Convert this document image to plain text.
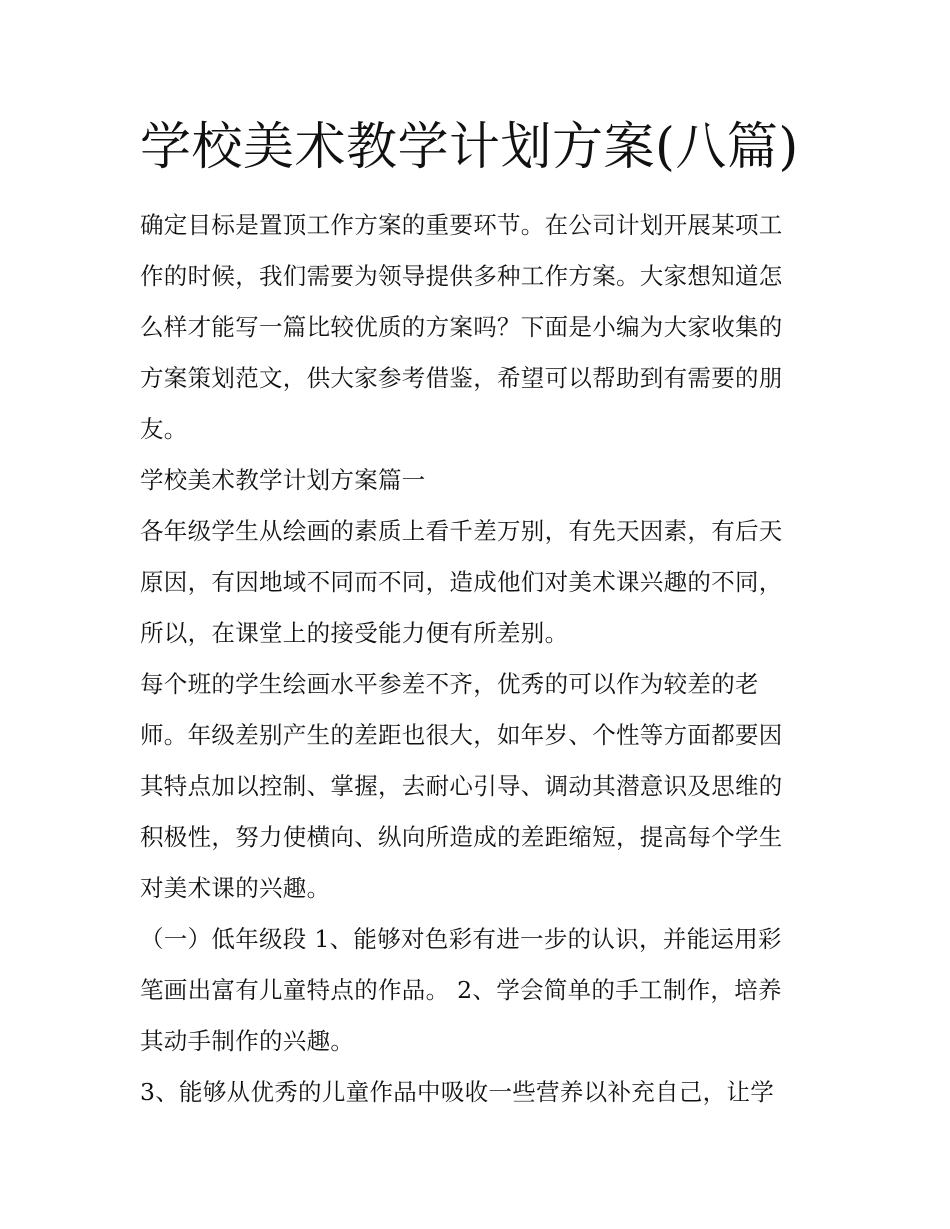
学校美术教学计划方案(八篇)
确定目标是置顶工作方案的重要环节。在公司计划开展某项工
作的时候，我们需要为领导提供多种工作方案。大家想知道怎
么样才能写一篇比较优质的方案吗？下面是小编为大家收集的
方案策划范文，供大家参考借鉴，希望可以帮助到有需要的朋
友。
学校美术教学计划方案篇一
各年级学生从绘画的素质上看千差万别，有先天因素，有后天
原因，有因地域不同而不同，造成他们对美术课兴趣的不同，
所以，在课堂上的接受能力便有所差别。
每个班的学生绘画水平参差不齐，优秀的可以作为较差的老
师。年级差别产生的差距也很大，如年岁、个性等方面都要因
其特点加以控制、掌握，去耐心引导、调动其潜意识及思维的
积极性，努力使横向、纵向所造成的差距缩短，提高每个学生
对美术课的兴趣。
（一）低年级段 1、能够对色彩有进一步的认识，并能运用彩
笔画出富有儿童特点的作品。 2、学会简单的手工制作，培养
其动手制作的兴趣。
3、能够从优秀的儿童作品中吸收一些营养以补充自己，让学
